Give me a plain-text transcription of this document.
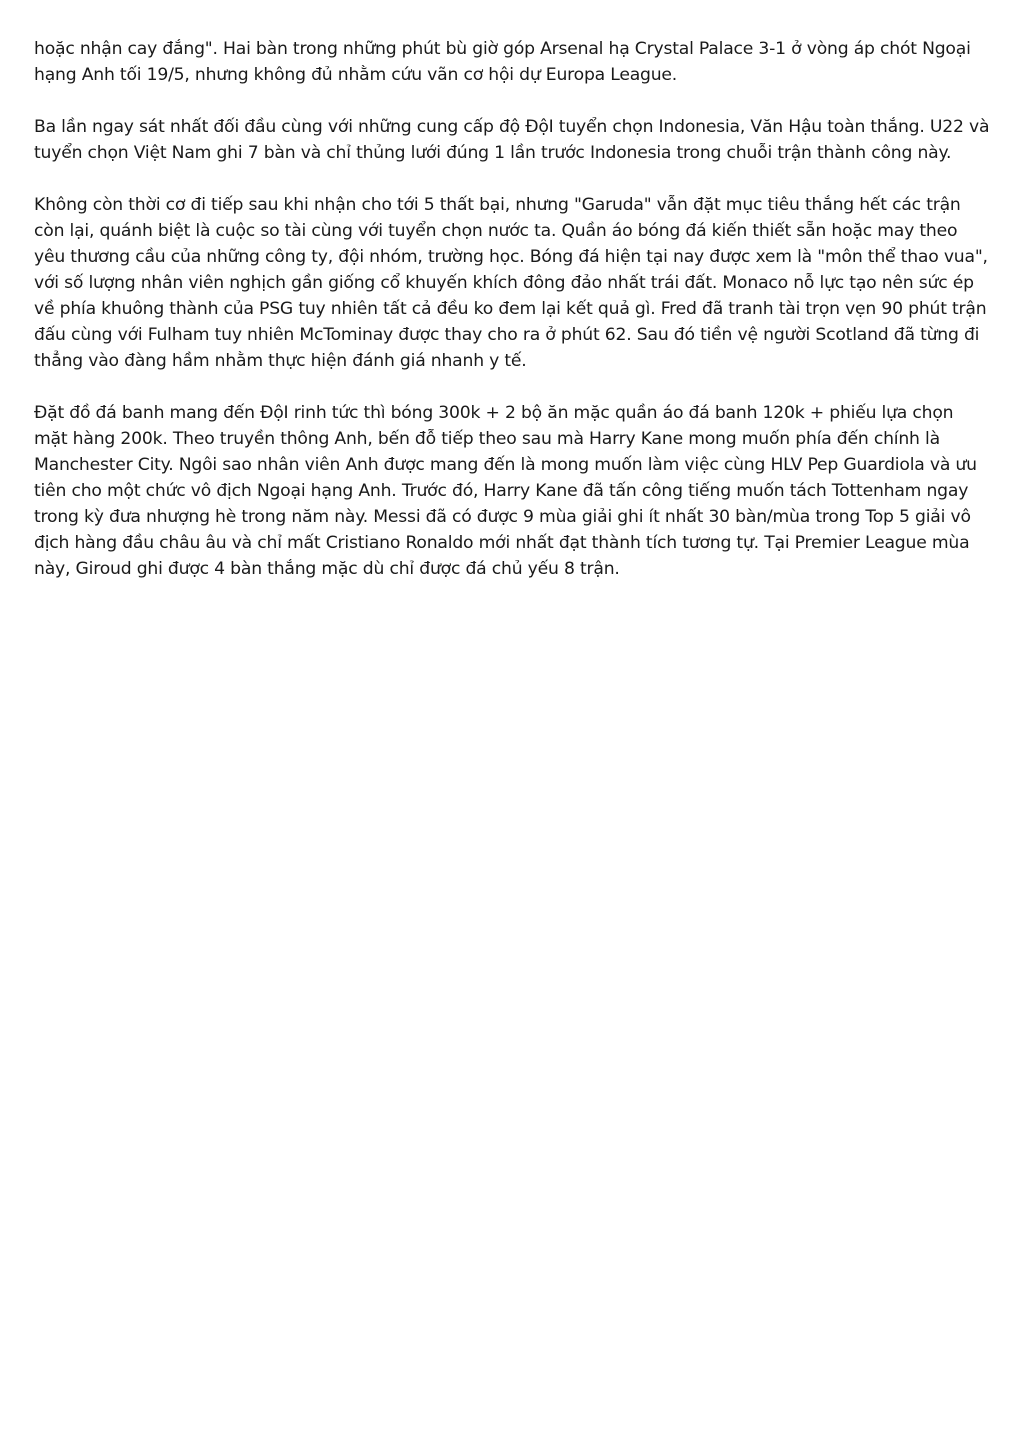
hoặc nhận cay đắng". Hai bàn trong những phút bù giờ góp Arsenal hạ Crystal Palace 3-1 ở vòng áp chót Ngoại hạng Anh tối 19/5, nhưng không đủ nhằm cứu vãn cơ hội dự Europa League.

Ba lần ngay sát nhất đối đầu cùng với những cung cấp độ ĐộI tuyển chọn Indonesia, Văn Hậu toàn thắng. U22 và tuyển chọn Việt Nam ghi 7 bàn và chỉ thủng lưới đúng 1 lần trước Indonesia trong chuỗi trận thành công này.

Không còn thời cơ đi tiếp sau khi nhận cho tới 5 thất bại, nhưng "Garuda" vẫn đặt mục tiêu thắng hết các trận còn lại, quánh biệt là cuộc so tài cùng với tuyển chọn nước ta. Quần áo bóng đá kiến thiết sẵn hoặc may theo yêu thương cầu của những công ty, đội nhóm, trường học. Bóng đá hiện tại nay được xem là "môn thể thao vua", với số lượng nhân viên nghịch gần giống cổ khuyến khích đông đảo nhất trái đất. Monaco nỗ lực tạo nên sức ép về phía khuông thành của PSG tuy nhiên tất cả đều ko đem lại kết quả gì. Fred đã tranh tài trọn vẹn 90 phút trận đấu cùng với Fulham tuy nhiên McTominay được thay cho ra ở phút 62. Sau đó tiền vệ người Scotland đã từng đi thẳng vào đàng hầm nhằm thực hiện đánh giá nhanh y tế.

Đặt đồ đá banh mang đến ĐộI rinh tức thì bóng 300k + 2 bộ ăn mặc quần áo đá banh 120k + phiếu lựa chọn mặt hàng 200k. Theo truyền thông Anh, bến đỗ tiếp theo sau mà Harry Kane mong muốn phía đến chính là Manchester City. Ngôi sao nhân viên Anh được mang đến là mong muốn làm việc cùng HLV Pep Guardiola và ưu tiên cho một chức vô địch Ngoại hạng Anh. Trước đó, Harry Kane đã tấn công tiếng muốn tách Tottenham ngay trong kỳ đưa nhượng hè trong năm này. Messi đã có được 9 mùa giải ghi ít nhất 30 bàn/mùa trong Top 5 giải vô địch hàng đầu châu âu và chỉ mất Cristiano Ronaldo mới nhất đạt thành tích tương tự. Tại Premier League mùa này, Giroud ghi được 4 bàn thắng mặc dù chỉ được đá chủ yếu 8 trận.
